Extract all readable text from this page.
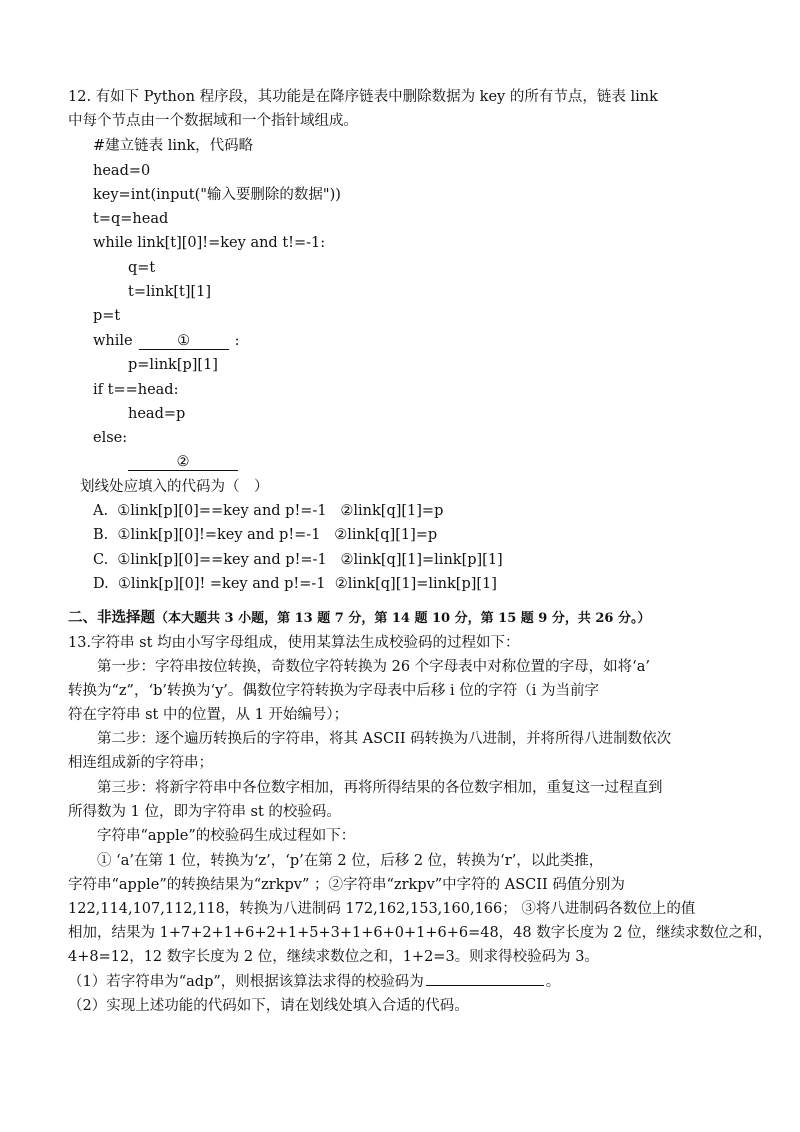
12. 有如下 Python 程序段，其功能是在降序链表中删除数据为 key 的所有节点，链表 link
中每个节点由一个数据域和一个指针域组成。
#建立链表 link，代码略
head=0
key=int(input("输入要删除的数据"))
t=q=head
while link[t][0]!=key and t!=-1:
q=t
t=link[t][1]
p=t
while	①	:
p=link[p][1]
if t==head:
head=p
else:
②
划线处应填入的代码为（　）
A.  ①link[p][0]==key and p!=-1   ②link[q][1]=p
B.  ①link[p][0]!=key and p!=-1   ②link[q][1]=p
C.  ①link[p][0]==key and p!=-1   ②link[q][1]=link[p][1]
D.  ①link[p][0]! =key and p!=-1  ②link[q][1]=link[p][1]
二、非选择题（本大题共 3 小题，第 13 题 7 分，第 14 题 10 分，第 15 题 9 分，共 26 分。）
13.字符串 st 均由小写字母组成，使用某算法生成校验码的过程如下：
　　第一步：字符串按位转换，奇数位字符转换为 26 个字母表中对称位置的字母，如将‘a’
转换为“z”，‘b’转换为‘y’。偶数位字符转换为字母表中后移 i 位的字符（i 为当前字
符在字符串 st 中的位置，从 1 开始编号）；
　　第二步：逐个遍历转换后的字符串，将其 ASCII 码转换为八进制，并将所得八进制数依次
相连组成新的字符串；
　　第三步：将新字符串中各位数字相加，再将所得结果的各位数字相加，重复这一过程直到
所得数为 1 位，即为字符串 st 的校验码。
　　字符串“apple”的校验码生成过程如下：
　　① ‘a’在第 1 位，转换为‘z’，‘p’在第 2 位，后移 2 位，转换为‘r’，以此类推，
字符串“apple”的转换结果为“zrkpv” ；②字符串“zrkpv”中字符的 ASCII 码值分别为
122,114,107,112,118，转换为八进制码 172,162,153,160,166； ③将八进制码各数位上的值
相加，结果为 1+7+2+1+6+2+1+5+3+1+6+0+1+6+6=48，48 数字长度为 2 位，继续求数位之和，
4+8=12，12 数字长度为 2 位，继续求数位之和，1+2=3。则求得校验码为 3。
（1）若字符串为“adp”，则根据该算法求得的校验码为	。
（2）实现上述功能的代码如下，请在划线处填入合适的代码。
